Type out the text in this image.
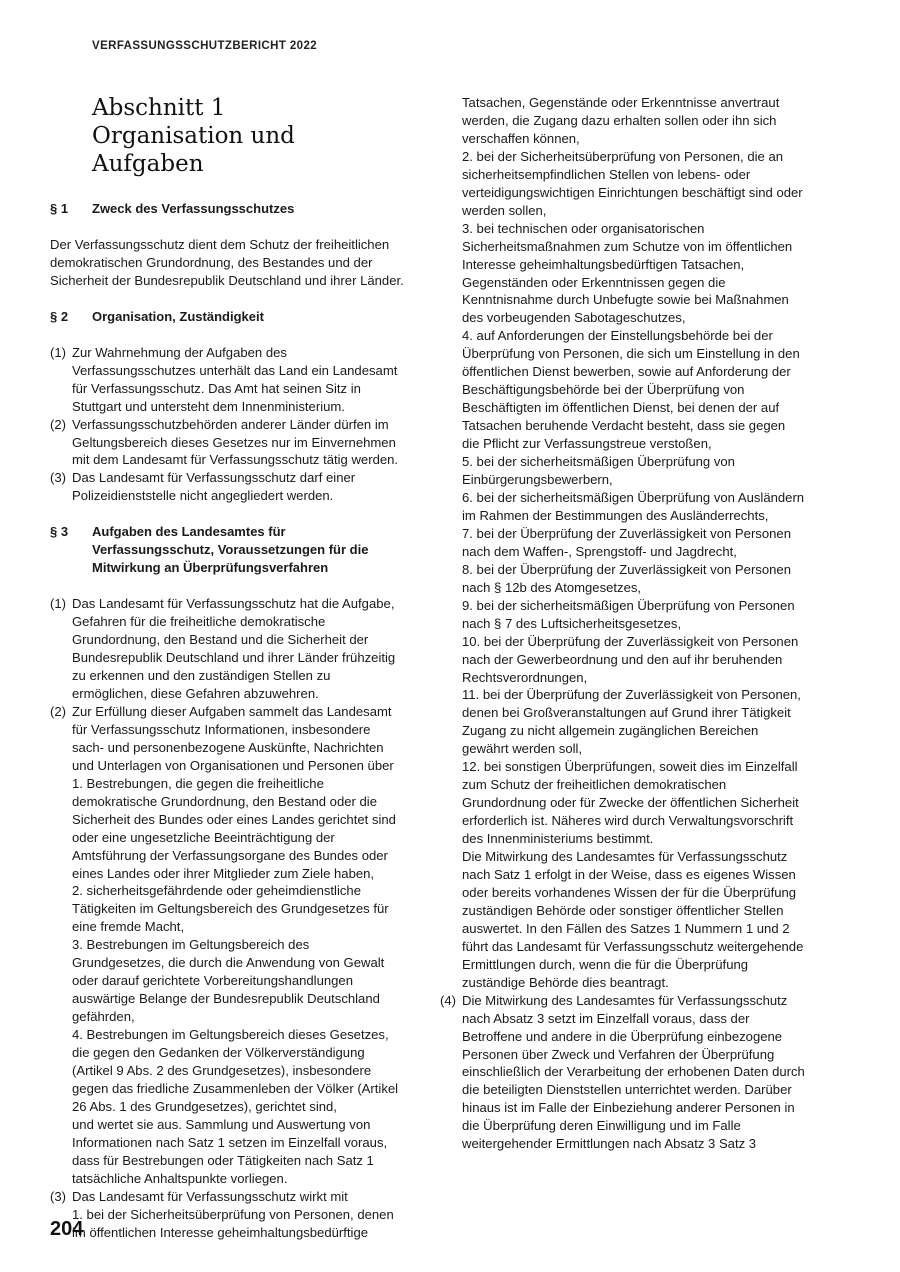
VERFASSUNGSSCHUTZBERICHT 2022
Abschnitt 1
Organisation und Aufgaben
§ 1	Zweck des Verfassungsschutzes

Der Verfassungsschutz dient dem Schutz der freiheitlichen demokratischen Grundordnung, des Bestandes und der Sicherheit der Bundesrepublik Deutschland und ihrer Länder.

§ 2	Organisation, Zuständigkeit
(1) Zur Wahrnehmung der Aufgaben des Verfassungsschutzes unterhält das Land ein Landesamt für Verfassungsschutz. Das Amt hat seinen Sitz in Stuttgart und untersteht dem Innenministerium.
(2) Verfassungsschutzbehörden anderer Länder dürfen im Geltungsbereich dieses Gesetzes nur im Einvernehmen mit dem Landesamt für Verfassungsschutz tätig werden.
(3) Das Landesamt für Verfassungsschutz darf einer Polizeidienststelle nicht angegliedert werden.
§ 3	Aufgaben des Landesamtes für Verfassungsschutz, Voraussetzungen für die Mitwirkung an Überprüfungsverfahren
(1) Das Landesamt für Verfassungsschutz hat die Aufgabe, Gefahren für die freiheitliche demokratische Grundordnung, den Bestand und die Sicherheit der Bundesrepublik Deutschland und ihrer Länder frühzeitig zu erkennen und den zuständigen Stellen zu ermöglichen, diese Gefahren abzuwehren.
(2) Zur Erfüllung dieser Aufgaben sammelt das Landesamt für Verfassungsschutz Informationen, insbesondere sach- und personenbezogene Auskünfte, Nachrichten und Unterlagen von Organisationen und Personen über
1. Bestrebungen, die gegen die freiheitliche demokratische Grundordnung, den Bestand oder die Sicherheit des Bundes oder eines Landes gerichtet sind oder eine ungesetzliche Beeinträchtigung der Amtsführung der Verfassungsorgane des Bundes oder eines Landes oder ihrer Mitglieder zum Ziele haben,
2. sicherheitsgefährdende oder geheimdienstliche Tätigkeiten im Geltungsbereich des Grundgesetzes für eine fremde Macht,
3. Bestrebungen im Geltungsbereich des Grundgesetzes, die durch die Anwendung von Gewalt oder darauf gerichtete Vorbereitungshandlungen auswärtige Belange der Bundesrepublik Deutschland gefährden,
4. Bestrebungen im Geltungsbereich dieses Gesetzes, die gegen den Gedanken der Völkerverständigung (Artikel 9 Abs. 2 des Grundgesetzes), insbesondere gegen das friedliche Zusammenleben der Völker (Artikel 26 Abs. 1 des Grundgesetzes), gerichtet sind,
und wertet sie aus. Sammlung und Auswertung von Informationen nach Satz 1 setzen im Einzelfall voraus, dass für Bestrebungen oder Tätigkeiten nach Satz 1 tatsächliche Anhaltspunkte vorliegen.
(3) Das Landesamt für Verfassungsschutz wirkt mit
1. bei der Sicherheitsüberprüfung von Personen, denen im öffentlichen Interesse geheimhaltungsbedürftige
Tatsachen, Gegenstände oder Erkenntnisse anvertraut werden, die Zugang dazu erhalten sollen oder ihn sich verschaffen können,
2. bei der Sicherheitsüberprüfung von Personen, die an sicherheitsempfindlichen Stellen von lebens- oder verteidigungswichtigen Einrichtungen beschäftigt sind oder werden sollen,
3. bei technischen oder organisatorischen Sicherheitsmaßnahmen zum Schutze von im öffentlichen Interesse geheimhaltungsbedürftigen Tatsachen, Gegenständen oder Erkenntnissen gegen die Kenntnisnahme durch Unbefugte sowie bei Maßnahmen des vorbeugenden Sabotageschutzes,
4. auf Anforderungen der Einstellungsbehörde bei der Überprüfung von Personen, die sich um Einstellung in den öffentlichen Dienst bewerben, sowie auf Anforderung der Beschäftigungsbehörde bei der Überprüfung von Beschäftigten im öffentlichen Dienst, bei denen der auf Tatsachen beruhende Verdacht besteht, dass sie gegen die Pflicht zur Verfassungstreue verstoßen,
5. bei der sicherheitsmäßigen Überprüfung von Einbürgerungsbewerbern,
6. bei der sicherheitsmäßigen Überprüfung von Ausländern im Rahmen der Bestimmungen des Ausländerrechts,
7. bei der Überprüfung der Zuverlässigkeit von Personen nach dem Waffen-, Sprengstoff- und Jagdrecht,
8. bei der Überprüfung der Zuverlässigkeit von Personen nach § 12b des Atomgesetzes,
9. bei der sicherheitsmäßigen Überprüfung von Personen nach § 7 des Luftsicherheitsgesetzes,
10. bei der Überprüfung der Zuverlässigkeit von Personen nach der Gewerbeordnung und den auf ihr beruhenden Rechtsverordnungen,
11. bei der Überprüfung der Zuverlässigkeit von Personen, denen bei Großveranstaltungen auf Grund ihrer Tätigkeit Zugang zu nicht allgemein zugänglichen Bereichen gewährt werden soll,
12. bei sonstigen Überprüfungen, soweit dies im Einzelfall zum Schutz der freiheitlichen demokratischen Grundordnung oder für Zwecke der öffentlichen Sicherheit erforderlich ist. Näheres wird durch Verwaltungsvorschrift des Innenministeriums bestimmt.
Die Mitwirkung des Landesamtes für Verfassungsschutz nach Satz 1 erfolgt in der Weise, dass es eigenes Wissen oder bereits vorhandenes Wissen der für die Überprüfung zuständigen Behörde oder sonstiger öffentlicher Stellen auswertet. In den Fällen des Satzes 1 Nummern 1 und 2 führt das Landesamt für Verfassungsschutz weitergehende Ermittlungen durch, wenn die für die Überprüfung zuständige Behörde dies beantragt.
(4) Die Mitwirkung des Landesamtes für Verfassungsschutz nach Absatz 3 setzt im Einzelfall voraus, dass der Betroffene und andere in die Überprüfung einbezogene Personen über Zweck und Verfahren der Überprüfung einschließlich der Verarbeitung der erhobenen Daten durch die beteiligten Dienststellen unterrichtet werden. Darüber hinaus ist im Falle der Einbeziehung anderer Personen in die Überprüfung deren Einwilligung und im Falle weitergehender Ermittlungen nach Absatz 3 Satz 3
204
